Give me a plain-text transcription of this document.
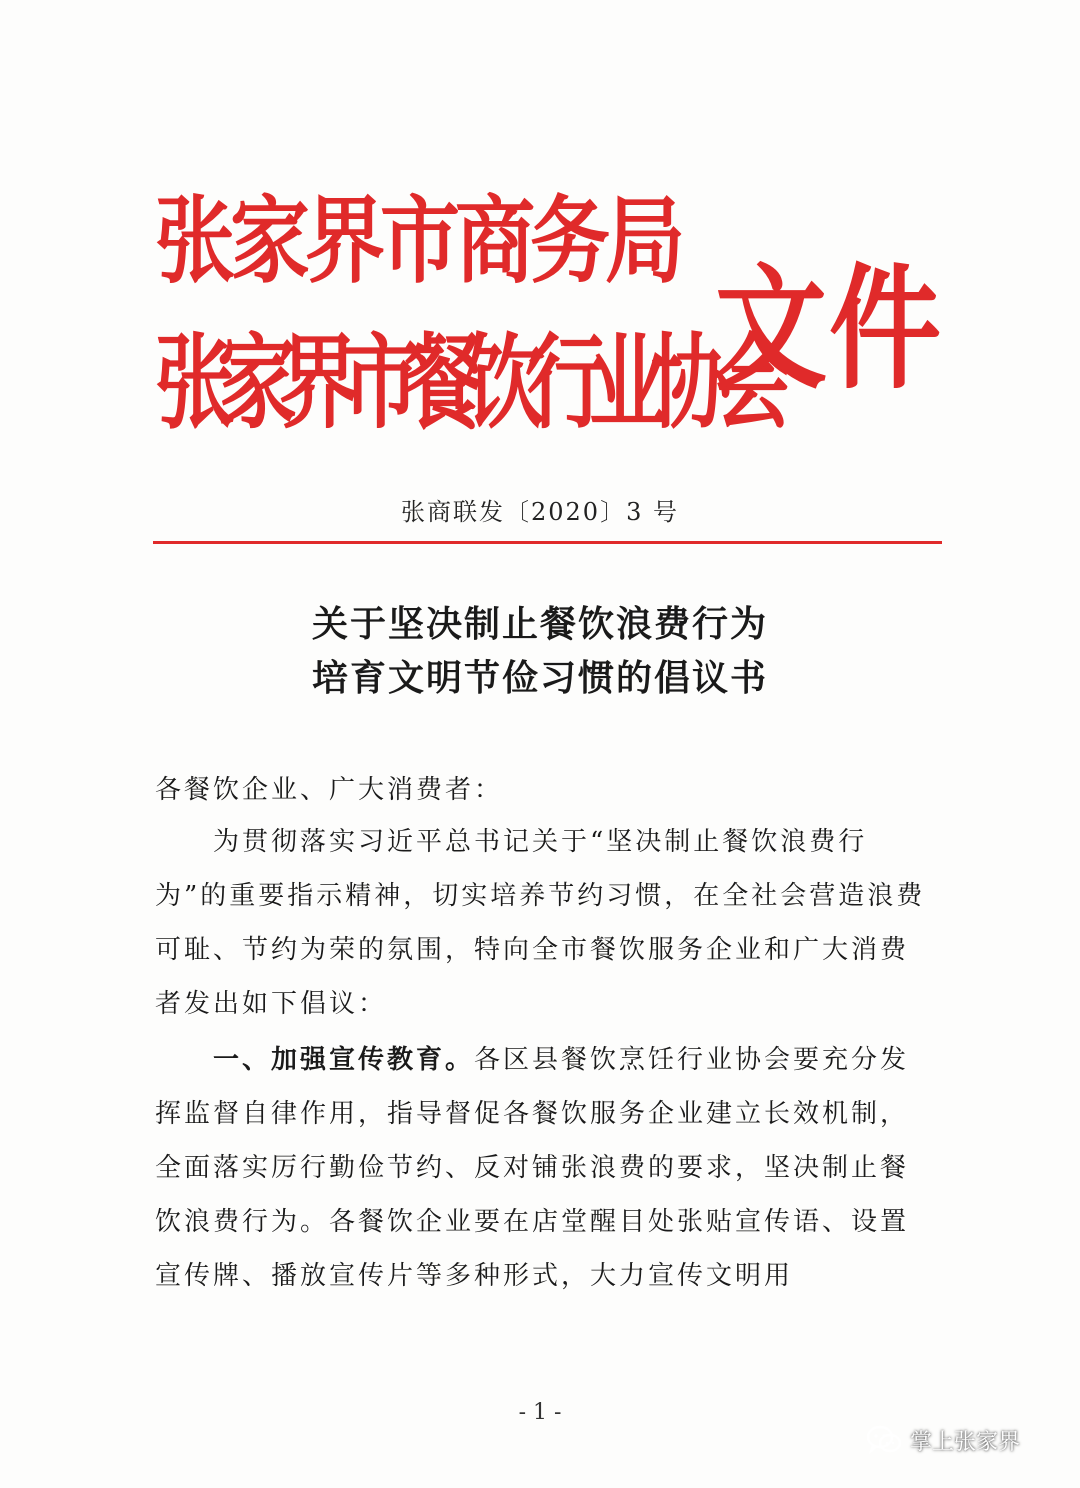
张家界市商务局
张家界市餐饮行业协会
文件
张商联发〔2020〕3 号
关于坚决制止餐饮浪费行为
培育文明节俭习惯的倡议书
各餐饮企业、广大消费者：
为贯彻落实习近平总书记关于“坚决制止餐饮浪费行为”的重要指示精神，切实培养节约习惯，在全社会营造浪费可耻、节约为荣的氛围，特向全市餐饮服务企业和广大消费者发出如下倡议：
一、加强宣传教育。各区县餐饮烹饪行业协会要充分发挥监督自律作用，指导督促各餐饮服务企业建立长效机制，全面落实厉行勤俭节约、反对铺张浪费的要求，坚决制止餐饮浪费行为。各餐饮企业要在店堂醒目处张贴宣传语、设置宣传牌、播放宣传片等多种形式，大力宣传文明用
- 1 -
掌上张家界
